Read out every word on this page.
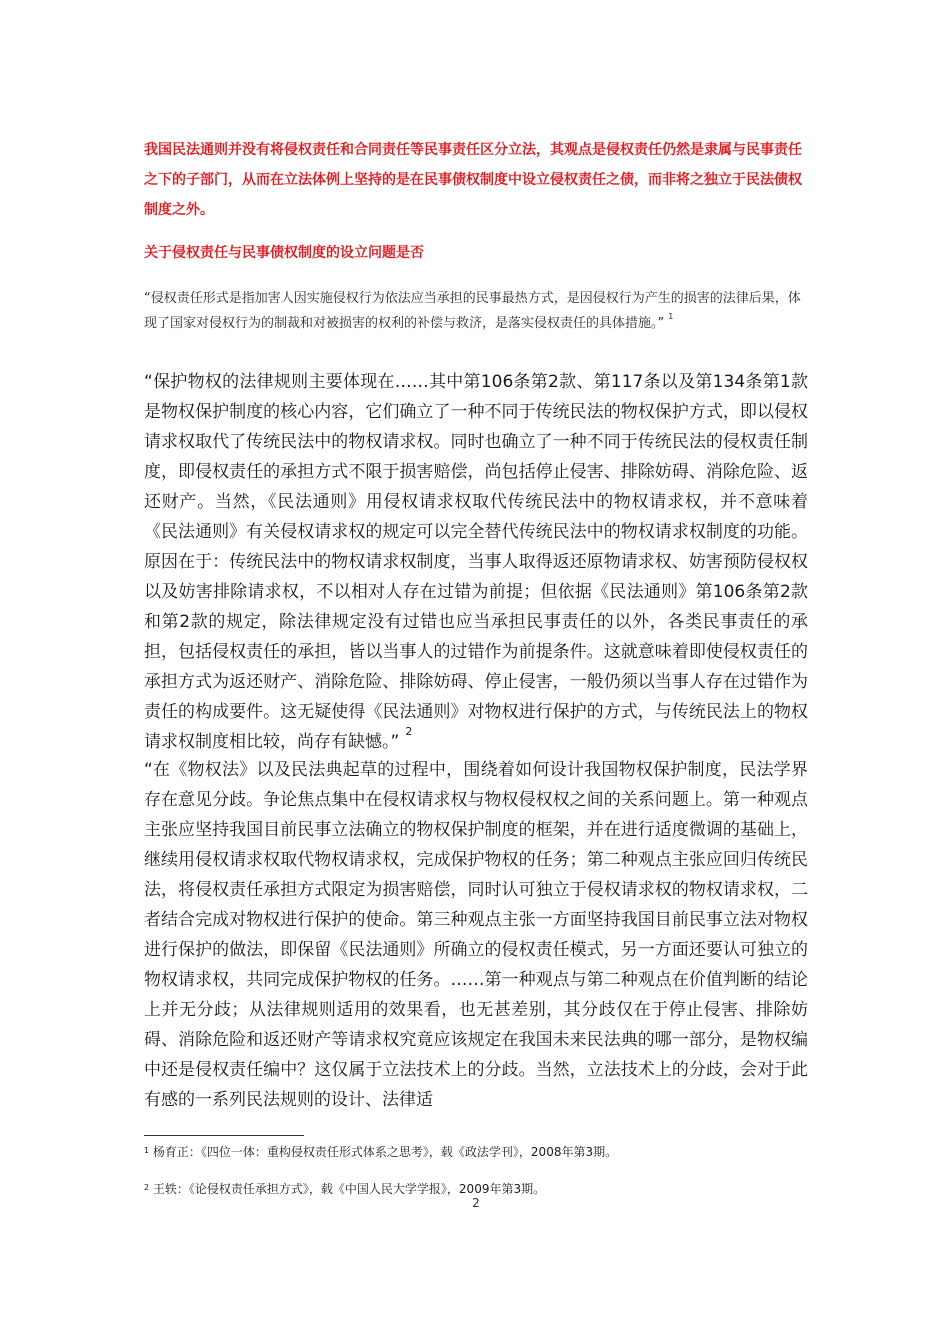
我国民法通则并没有将侵权责任和合同责任等民事责任区分立法，其观点是侵权责任仍然是隶属与民事责任之下的子部门，从而在立法体例上坚持的是在民事债权制度中设立侵权责任之债，而非将之独立于民法债权制度之外。

关于侵权责任与民事债权制度的设立问题是否

“侵权责任形式是指加害人因实施侵权行为依法应当承担的民事最热方式，是因侵权行为产生的损害的法律后果，体现了国家对侵权行为的制裁和对被损害的权利的补偿与救济，是落实侵权责任的具体措施。” $^1$

“保护物权的法律规则主要体现在……其中第106条第2款、第117条以及第134条第1款是物权保护制度的核心内容，它们确立了一种不同于传统民法的物权保护方式，即以侵权请求权取代了传统民法中的物权请求权。同时也确立了一种不同于传统民法的侵权责任制度，即侵权责任的承担方式不限于损害赔偿，尚包括停止侵害、排除妨碍、消除危险、返还财产。当然，《民法通则》用侵权请求权取代传统民法中的物权请求权，并不意味着《民法通则》有关侵权请求权的规定可以完全替代传统民法中的物权请求权制度的功能。原因在于：传统民法中的物权请求权制度，当事人取得返还原物请求权、妨害预防侵权权以及妨害排除请求权，不以相对人存在过错为前提；但依据《民法通则》第106条第2款和第2款的规定，除法律规定没有过错也应当承担民事责任的以外，各类民事责任的承担，包括侵权责任的承担，皆以当事人的过错作为前提条件。这就意味着即使侵权责任的承担方式为返还财产、消除危险、排除妨碍、停止侵害，一般仍须以当事人存在过错作为责任的构成要件。这无疑使得《民法通则》对物权进行保护的方式，与传统民法上的物权请求权制度相比较，尚存有缺憾。”$^2$

“在《物权法》以及民法典起草的过程中，围绕着如何设计我国物权保护制度，民法学界存在意见分歧。争论焦点集中在侵权请求权与物权侵权权之间的关系问题上。第一种观点主张应坚持我国目前民事立法确立的物权保护制度的框架，并在进行适度微调的基础上，继续用侵权请求权取代物权请求权，完成保护物权的任务；第二种观点主张应回归传统民法，将侵权责任承担方式限定为损害赔偿，同时认可独立于侵权请求权的物权请求权，二者结合完成对物权进行保护的使命。第三种观点主张一方面坚持我国目前民事立法对物权进行保护的做法，即保留《民法通则》所确立的侵权责任模式，另一方面还要认可独立的物权请求权，共同完成保护物权的任务。……第一种观点与第二种观点在价值判断的结论上并无分歧；从法律规则适用的效果看，也无甚差别，其分歧仅在于停止侵害、排除妨碍、消除危险和返还财产等请求权究竟应该规定在我国未来民法典的哪一部分，是物权编中还是侵权责任编中？这仅属于立法技术上的分歧。当然，立法技术上的分歧，会对于此有感的一系列民法规则的设计、法律适

$^1$ 杨育正：《四位一体：重构侵权责任形式体系之思考》，载《政法学刊》，2008年第3期。

$^2$ 王轶：《论侵权责任承担方式》，载《中国人民大学学报》，2009年第3期。

2
